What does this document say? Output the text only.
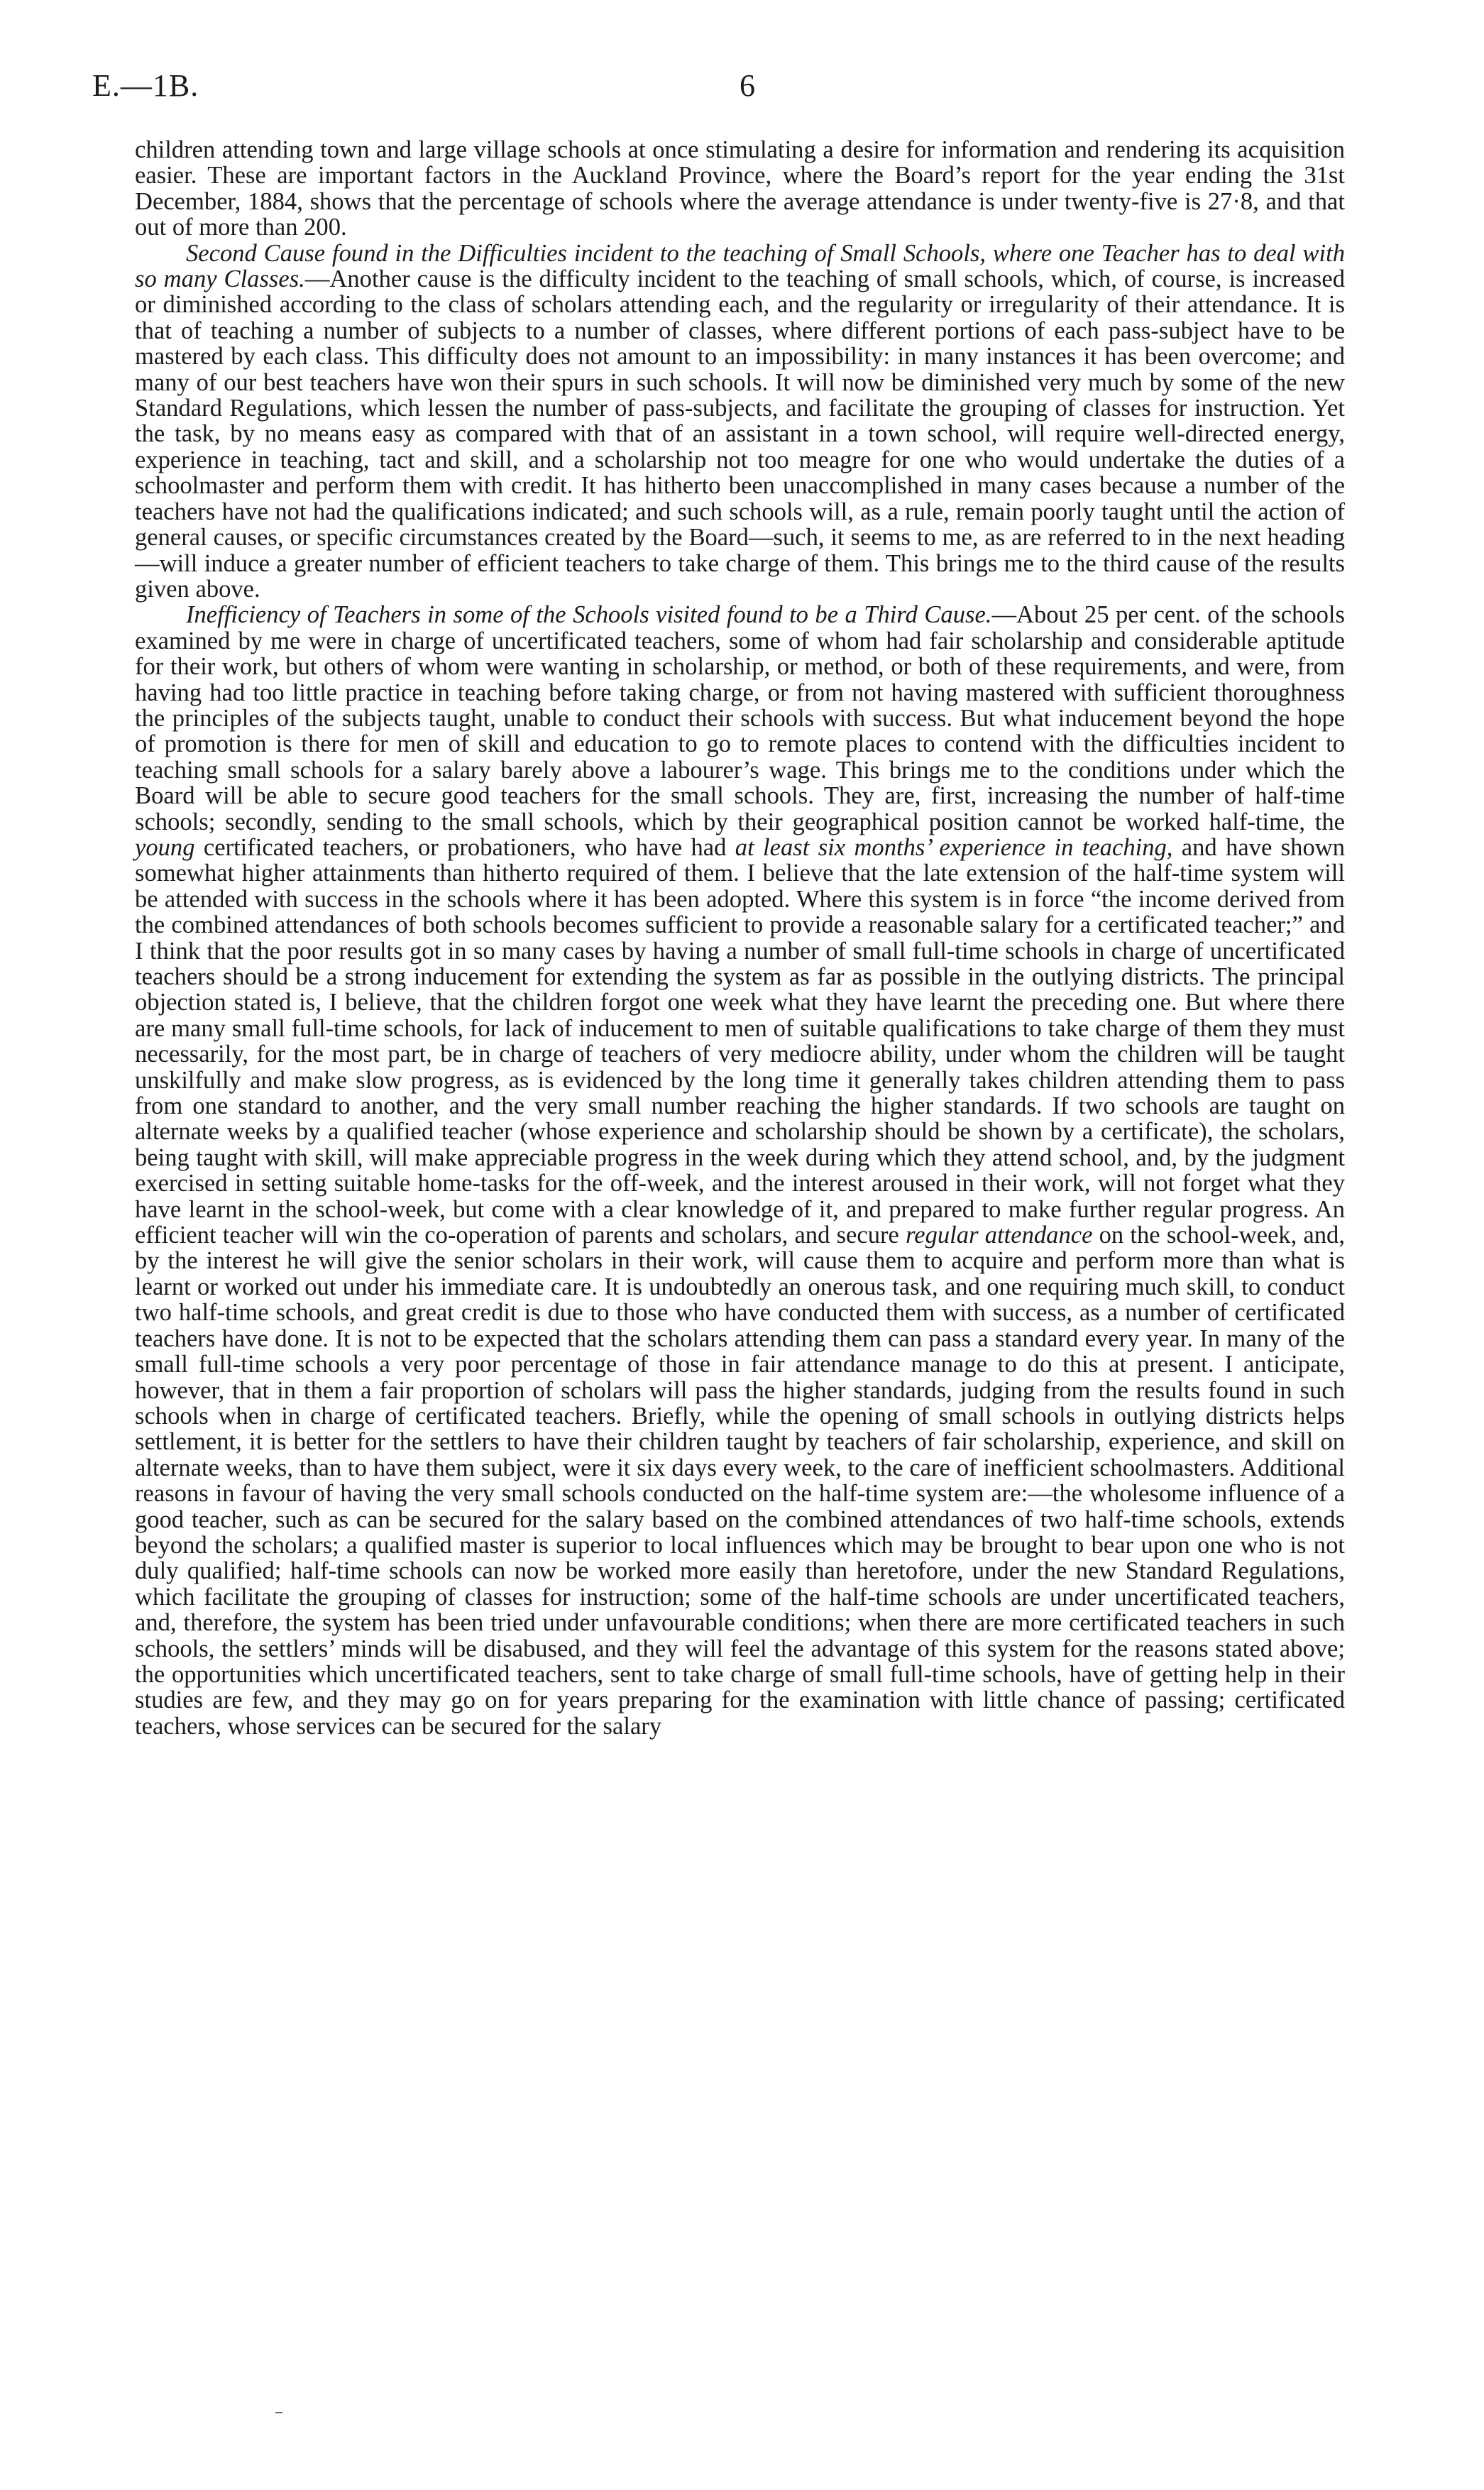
E.—1B.	6

children attending town and large village schools at once stimulating a desire for information and rendering its acquisition easier. These are important factors in the Auckland Province, where the Board’s report for the year ending the 31st December, 1884, shows that the percentage of schools where the average attendance is under twenty-five is 27·8, and that out of more than 200.

Second Cause found in the Difficulties incident to the teaching of Small Schools, where one Teacher has to deal with so many Classes.—Another cause is the difficulty incident to the teaching of small schools, which, of course, is increased or diminished according to the class of scholars attending each, and the regularity or irregularity of their attendance. It is that of teaching a number of subjects to a number of classes, where different portions of each pass-subject have to be mastered by each class. This difficulty does not amount to an impossibility: in many instances it has been overcome; and many of our best teachers have won their spurs in such schools. It will now be diminished very much by some of the new Standard Regulations, which lessen the number of pass-subjects, and facilitate the grouping of classes for instruction. Yet the task, by no means easy as compared with that of an assistant in a town school, will require well-directed energy, experience in teaching, tact and skill, and a scholarship not too meagre for one who would undertake the duties of a schoolmaster and perform them with credit. It has hitherto been unaccomplished in many cases because a number of the teachers have not had the qualifications indicated; and such schools will, as a rule, remain poorly taught until the action of general causes, or specific circumstances created by the Board—such, it seems to me, as are referred to in the next heading—will induce a greater number of efficient teachers to take charge of them. This brings me to the third cause of the results given above.

Inefficiency of Teachers in some of the Schools visited found to be a Third Cause.—About 25 per cent. of the schools examined by me were in charge of uncertificated teachers, some of whom had fair scholarship and considerable aptitude for their work, but others of whom were wanting in scholarship, or method, or both of these requirements, and were, from having had too little practice in teaching before taking charge, or from not having mastered with sufficient thoroughness the principles of the subjects taught, unable to conduct their schools with success. But what inducement beyond the hope of promotion is there for men of skill and education to go to remote places to contend with the difficulties incident to teaching small schools for a salary barely above a labourer’s wage. This brings me to the conditions under which the Board will be able to secure good teachers for the small schools. They are, first, increasing the number of half-time schools; secondly, sending to the small schools, which by their geographical position cannot be worked half-time, the young certificated teachers, or probationers, who have had at least six months’ experience in teaching, and have shown somewhat higher attainments than hitherto required of them. I believe that the late extension of the half-time system will be attended with success in the schools where it has been adopted. Where this system is in force “the income derived from the combined attendances of both schools becomes sufficient to provide a reasonable salary for a certificated teacher;” and I think that the poor results got in so many cases by having a number of small full-time schools in charge of uncertificated teachers should be a strong inducement for extending the system as far as possible in the outlying districts. The principal objection stated is, I believe, that the children forgot one week what they have learnt the preceding one. But where there are many small full-time schools, for lack of inducement to men of suitable qualifications to take charge of them they must necessarily, for the most part, be in charge of teachers of very mediocre ability, under whom the children will be taught unskilfully and make slow progress, as is evidenced by the long time it generally takes children attending them to pass from one standard to another, and the very small number reaching the higher standards. If two schools are taught on alternate weeks by a qualified teacher (whose experience and scholarship should be shown by a certificate), the scholars, being taught with skill, will make appreciable progress in the week during which they attend school, and, by the judgment exercised in setting suitable home-tasks for the off-week, and the interest aroused in their work, will not forget what they have learnt in the school-week, but come with a clear knowledge of it, and prepared to make further regular progress. An efficient teacher will win the co-operation of parents and scholars, and secure regular attendance on the school-week, and, by the interest he will give the senior scholars in their work, will cause them to acquire and perform more than what is learnt or worked out under his immediate care. It is undoubtedly an onerous task, and one requiring much skill, to conduct two half-time schools, and great credit is due to those who have conducted them with success, as a number of certificated teachers have done. It is not to be expected that the scholars attending them can pass a standard every year. In many of the small full-time schools a very poor percentage of those in fair attendance manage to do this at present. I anticipate, however, that in them a fair proportion of scholars will pass the higher standards, judging from the results found in such schools when in charge of certificated teachers. Briefly, while the opening of small schools in outlying districts helps settlement, it is better for the settlers to have their children taught by teachers of fair scholarship, experience, and skill on alternate weeks, than to have them subject, were it six days every week, to the care of inefficient schoolmasters. Additional reasons in favour of having the very small schools conducted on the half-time system are:—the wholesome influence of a good teacher, such as can be secured for the salary based on the combined attendances of two half-time schools, extends beyond the scholars; a qualified master is superior to local influences which may be brought to bear upon one who is not duly qualified; half-time schools can now be worked more easily than heretofore, under the new Standard Regulations, which facilitate the grouping of classes for instruction; some of the half-time schools are under uncertificated teachers, and, therefore, the system has been tried under unfavourable conditions; when there are more certificated teachers in such schools, the settlers’ minds will be disabused, and they will feel the advantage of this system for the reasons stated above; the opportunities which uncertificated teachers, sent to take charge of small full-time schools, have of getting help in their studies are few, and they may go on for years preparing for the examination with little chance of passing; certificated teachers, whose services can be secured for the salary
